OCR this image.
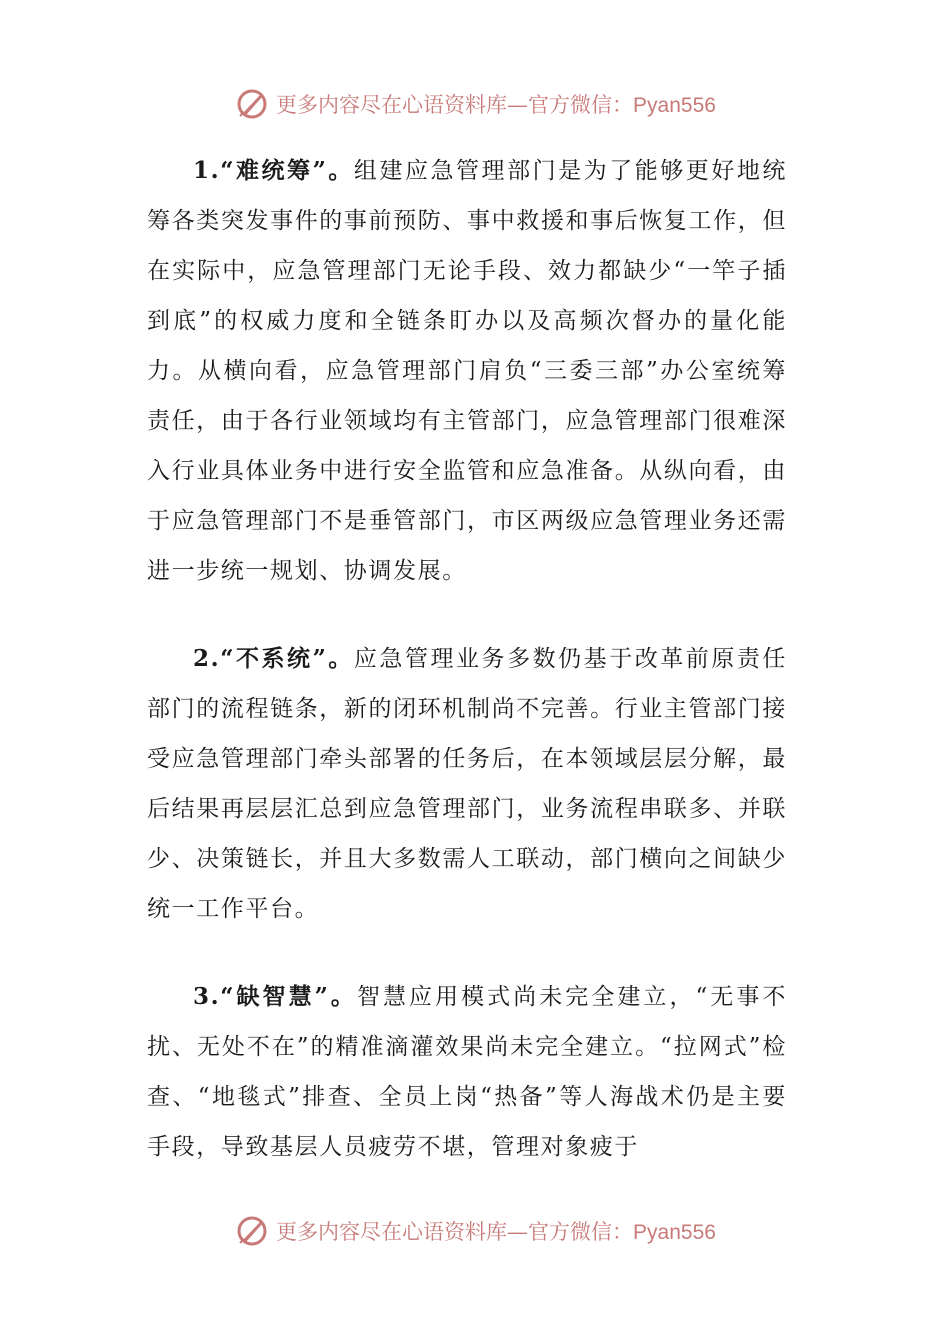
更多内容尽在心语资料库—官方微信：Pyan556

1.“难统筹”。组建应急管理部门是为了能够更好地统筹各类突发事件的事前预防、事中救援和事后恢复工作，但在实际中，应急管理部门无论手段、效力都缺少“一竿子插到底”的权威力度和全链条盯办以及高频次督办的量化能力。从横向看，应急管理部门肩负“三委三部”办公室统筹责任，由于各行业领域均有主管部门，应急管理部门很难深入行业具体业务中进行安全监管和应急准备。从纵向看，由于应急管理部门不是垂管部门，市区两级应急管理业务还需进一步统一规划、协调发展。

2.“不系统”。应急管理业务多数仍基于改革前原责任部门的流程链条，新的闭环机制尚不完善。行业主管部门接受应急管理部门牵头部署的任务后，在本领域层层分解，最后结果再层层汇总到应急管理部门，业务流程串联多、并联少、决策链长，并且大多数需人工联动，部门横向之间缺少统一工作平台。

3.“缺智慧”。智慧应用模式尚未完全建立，“无事不扰、无处不在”的精准滴灌效果尚未完全建立。“拉网式”检查、“地毯式”排查、全员上岗“热备”等人海战术仍是主要手段，导致基层人员疲劳不堪，管理对象疲于

更多内容尽在心语资料库—官方微信：Pyan556
